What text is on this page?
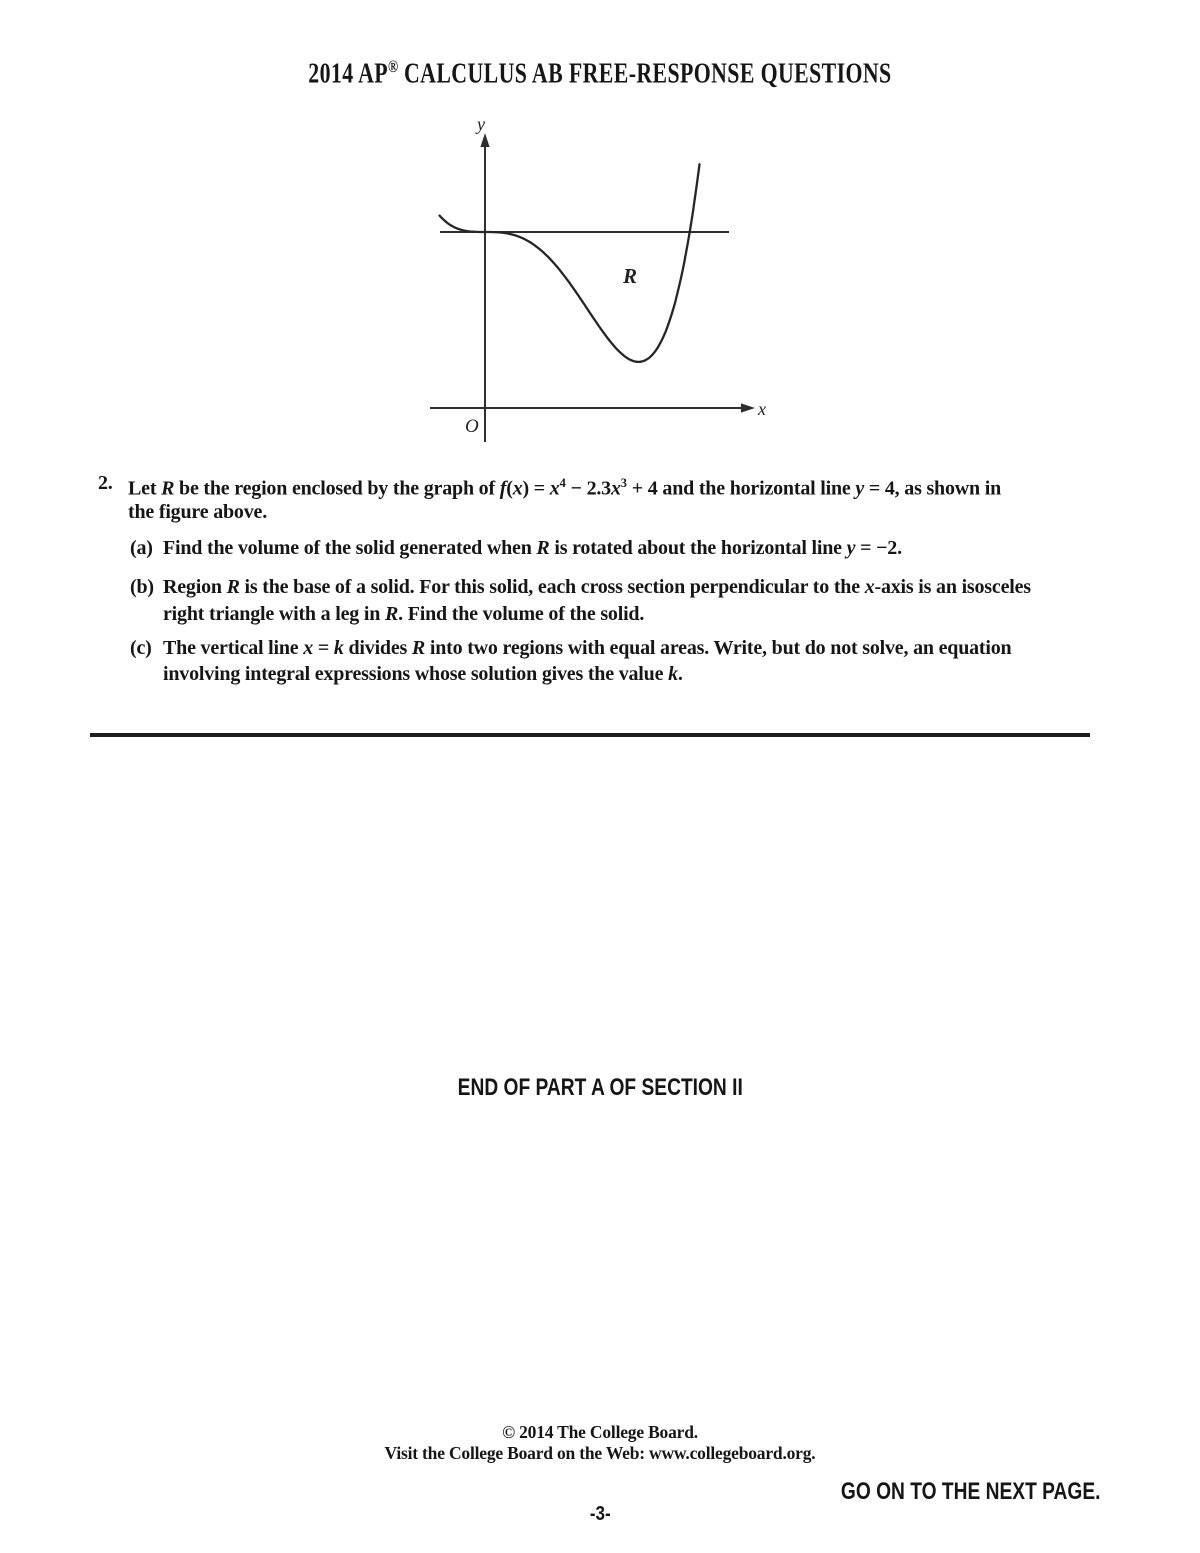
2014 AP® CALCULUS AB FREE-RESPONSE QUESTIONS
y
x
O
R
2. Let R be the region enclosed by the graph of $f(x) = x^4 - 2.3x^3 + 4$ and the horizontal line y = 4, as shown in
the figure above.
(a) Find the volume of the solid generated when R is rotated about the horizontal line y = −2.
(b) Region R is the base of a solid. For this solid, each cross section perpendicular to the x-axis is an isosceles
right triangle with a leg in R. Find the volume of the solid.
(c) The vertical line x = k divides R into two regions with equal areas. Write, but do not solve, an equation
involving integral expressions whose solution gives the value k.
END OF PART A OF SECTION II
© 2014 The College Board.
Visit the College Board on the Web: www.collegeboard.org.
GO ON TO THE NEXT PAGE.
-3-
